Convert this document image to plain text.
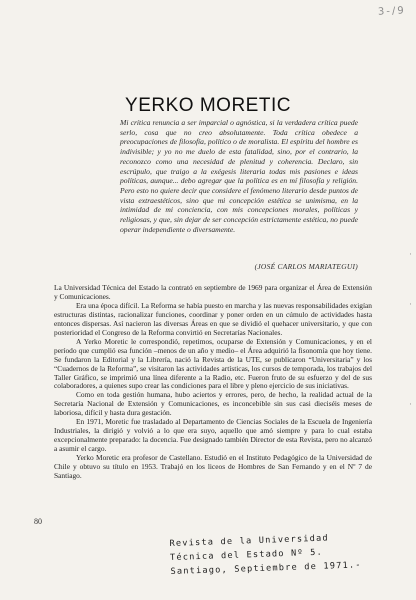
3-/9
·
·
·
YERKO MORETIC
Mi crítica renuncia a ser imparcial o agnóstica, si la verdadera crítica puede serlo, cosa que no creo absolutamente. Toda crítica obedece a preocupaciones de filosofía, político o de moralista. El espíritu del hombre es indivisible; y yo no me duelo de esta fatalidad, sino, por el contrario, la reconozco como una necesidad de plenitud y coherencia. Declaro, sin escrúpulo, que traigo a la exégesis literaria todas mis pasiones e ideas políticas, aunque... debo agregar que la política es en mí filosofía y religión. Pero esto no quiere decir que considere el fenómeno literario desde puntos de vista extraestéticos, sino que mi concepción estética se unimisma, en la intimidad de mi conciencia, con mis concepciones morales, políticas y religiosas, y que, sin dejar de ser concepción estrictamente estética, no puede operar independiente o diversamente.
(JOSÉ CARLOS MARIATEGUI)

La Universidad Técnica del Estado la contrató en septiembre de 1969 para organizar el Área de Extensión y Comunicaciones.

Era una época difícil. La Reforma se había puesto en marcha y las nuevas responsabilidades exigían estructuras distintas, racionalizar funciones, coordinar y poner orden en un cúmulo de actividades hasta entonces dispersas. Así nacieron las diversas Áreas en que se dividió el quehacer universitario, y que con posterioridad el Congreso de la Reforma convirtió en Secretarías Nacionales.

A Yerko Moretic le correspondió, repetimos, ocuparse de Extensión y Comunicaciones, y en el período que cumplió esa función –menos de un año y medio– el Área adquirió la fisonomía que hoy tiene. Se fundaron la Editorial y la Librería, nació la Revista de la UTE, se publicaron “Universitaria” y los “Cuadernos de la Reforma”, se visitaron las actividades artísticas, los cursos de temporada, los trabajos del Taller Gráfico, se imprimió una línea diferente a la Radio, etc. Fueron fruto de su esfuerzo y del de sus colaboradores, a quienes supo crear las condiciones para el libre y pleno ejercicio de sus iniciativas.

Como en toda gestión humana, hubo aciertos y errores, pero, de hecho, la realidad actual de la Secretaría Nacional de Extensión y Comunicaciones, es inconcebible sin sus casi dieciséis meses de laboriosa, difícil y hasta dura gestación.

En 1971, Moretic fue trasladado al Departamento de Ciencias Sociales de la Escuela de Ingeniería Industriales, la dirigió y volvió a lo que era suyo, aquello que amó siempre y para lo cual estaba excepcionalmente preparado: la docencia. Fue designado también Director de esta Revista, pero no alcanzó a asumir el cargo.

Yerko Moretic era profesor de Castellano. Estudió en el Instituto Pedagógico de la Universidad de Chile y obtuvo su título en 1953. Trabajó en los liceos de Hombres de San Fernando y en el Nº 7 de Santiago.

80
Revista de la Universidad
Técnica del Estado Nº 5.
Santiago, Septiembre de 1971.-
